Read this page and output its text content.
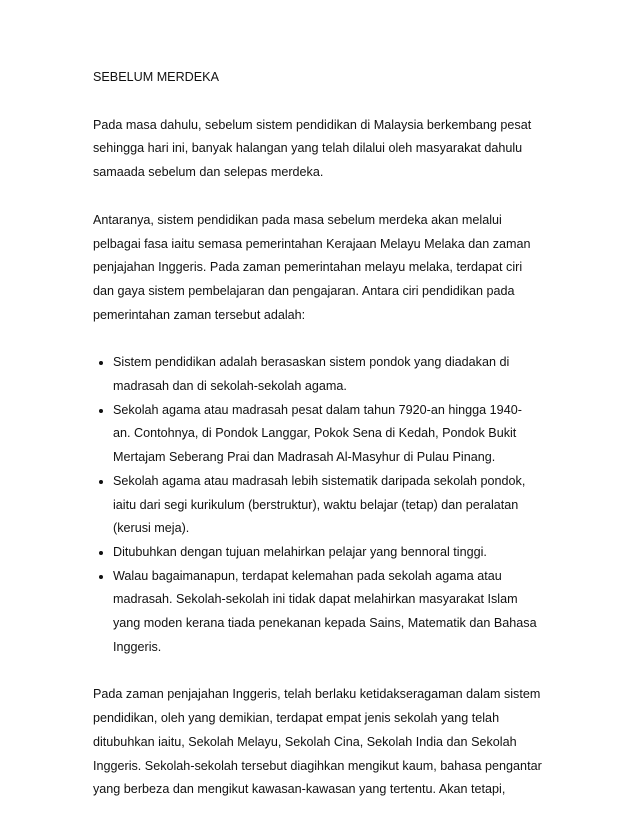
SEBELUM MERDEKA
Pada masa dahulu, sebelum sistem pendidikan di Malaysia berkembang pesat
sehingga hari ini, banyak halangan yang telah dilalui oleh masyarakat dahulu
samaada sebelum dan selepas merdeka.
Antaranya, sistem pendidikan pada masa sebelum merdeka akan melalui
pelbagai fasa iaitu semasa pemerintahan Kerajaan Melayu Melaka dan zaman
penjajahan Inggeris. Pada zaman pemerintahan melayu melaka, terdapat ciri
dan gaya sistem pembelajaran dan pengajaran. Antara ciri pendidikan pada
pemerintahan zaman tersebut adalah:
Sistem pendidikan adalah berasaskan sistem pondok yang diadakan di
madrasah dan di sekolah-sekolah agama.
Sekolah agama atau madrasah pesat dalam tahun 7920-an hingga 1940-
an. Contohnya, di Pondok Langgar, Pokok Sena di Kedah, Pondok Bukit
Mertajam Seberang Prai dan Madrasah Al-Masyhur di Pulau Pinang.
Sekolah agama atau madrasah lebih sistematik daripada sekolah pondok,
iaitu dari segi kurikulum (berstruktur), waktu belajar (tetap) dan peralatan
(kerusi meja).
Ditubuhkan dengan tujuan melahirkan pelajar yang bennoral tinggi.
Walau bagaimanapun, terdapat kelemahan pada sekolah agama atau
madrasah. Sekolah-sekolah ini tidak dapat melahirkan masyarakat Islam
yang moden kerana tiada penekanan kepada Sains, Matematik dan Bahasa
Inggeris.
Pada zaman penjajahan Inggeris, telah berlaku ketidakseragaman dalam sistem
pendidikan, oleh yang demikian, terdapat empat jenis sekolah yang telah
ditubuhkan iaitu, Sekolah Melayu, Sekolah Cina, Sekolah India dan Sekolah
Inggeris. Sekolah-sekolah tersebut diagihkan mengikut kaum, bahasa pengantar
yang berbeza dan mengikut kawasan-kawasan yang tertentu. Akan tetapi,
